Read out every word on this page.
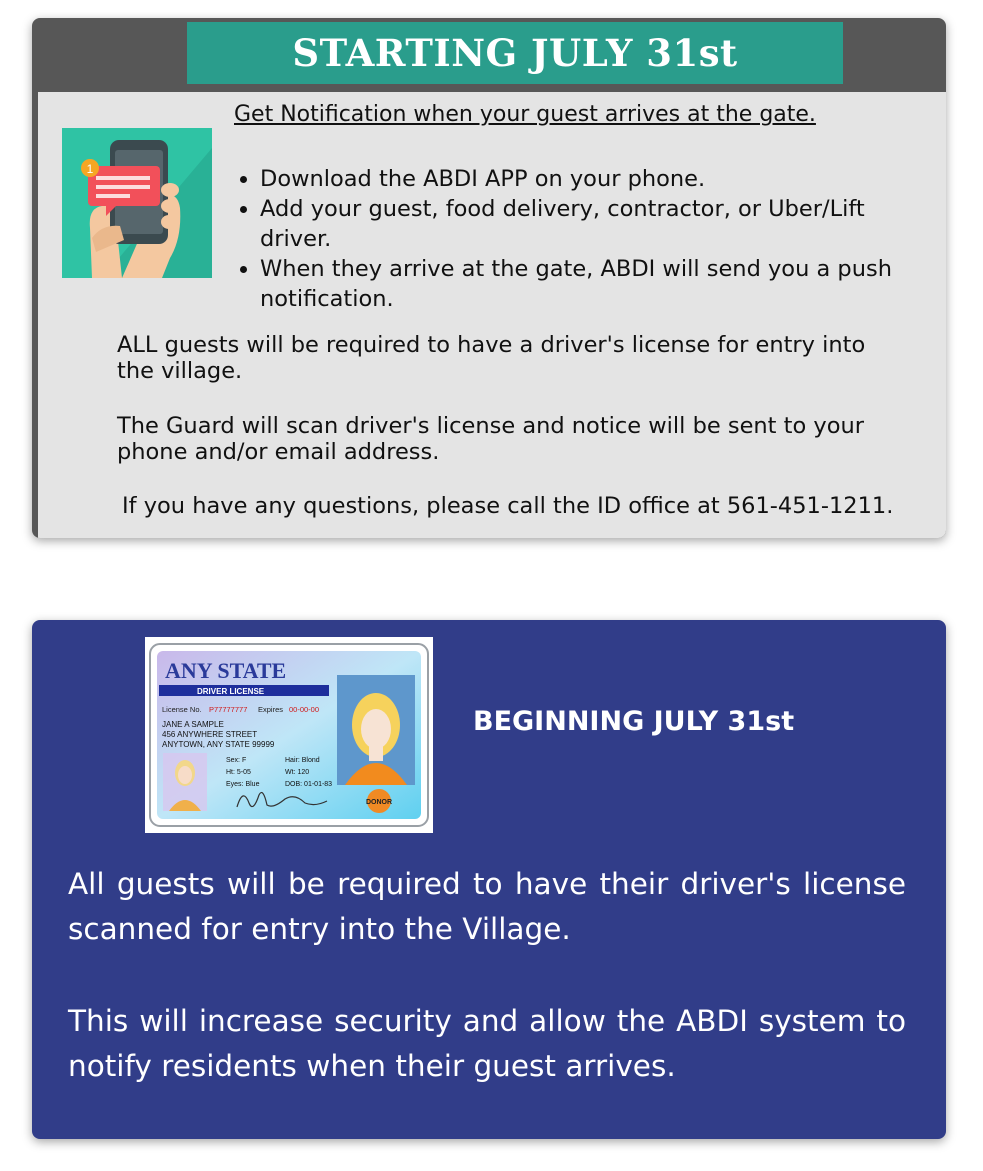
STARTING JULY 31st
1
Get Notification when your guest arrives at the gate.
• Download the ABDI APP on your phone.
• Add your guest, food delivery, contractor, or Uber/Lift driver.
• When they arrive at the gate, ABDI will send you a push notification.

ALL guests will be required to have a driver's license for entry into the village.

The Guard will scan driver's license and notice will be sent to your phone and/or email address.

If you have any questions, please call the ID office at 561-451-1211.

ANY STATE
DRIVER LICENSE
License No. P77777777 Expires 00-00-00
JANE A SAMPLE
456 ANYWHERE STREET
ANYTOWN, ANY STATE 99999
Sex: F
Ht: 5-05
Eyes: Blue
Hair: Blond
Wt: 120
DOB: 01-01-83
DONOR
BEGINNING JULY 31st

All guests will be required to have their driver's license scanned for entry into the Village.

This will increase security and allow the ABDI system to notify residents when their guest arrives.
